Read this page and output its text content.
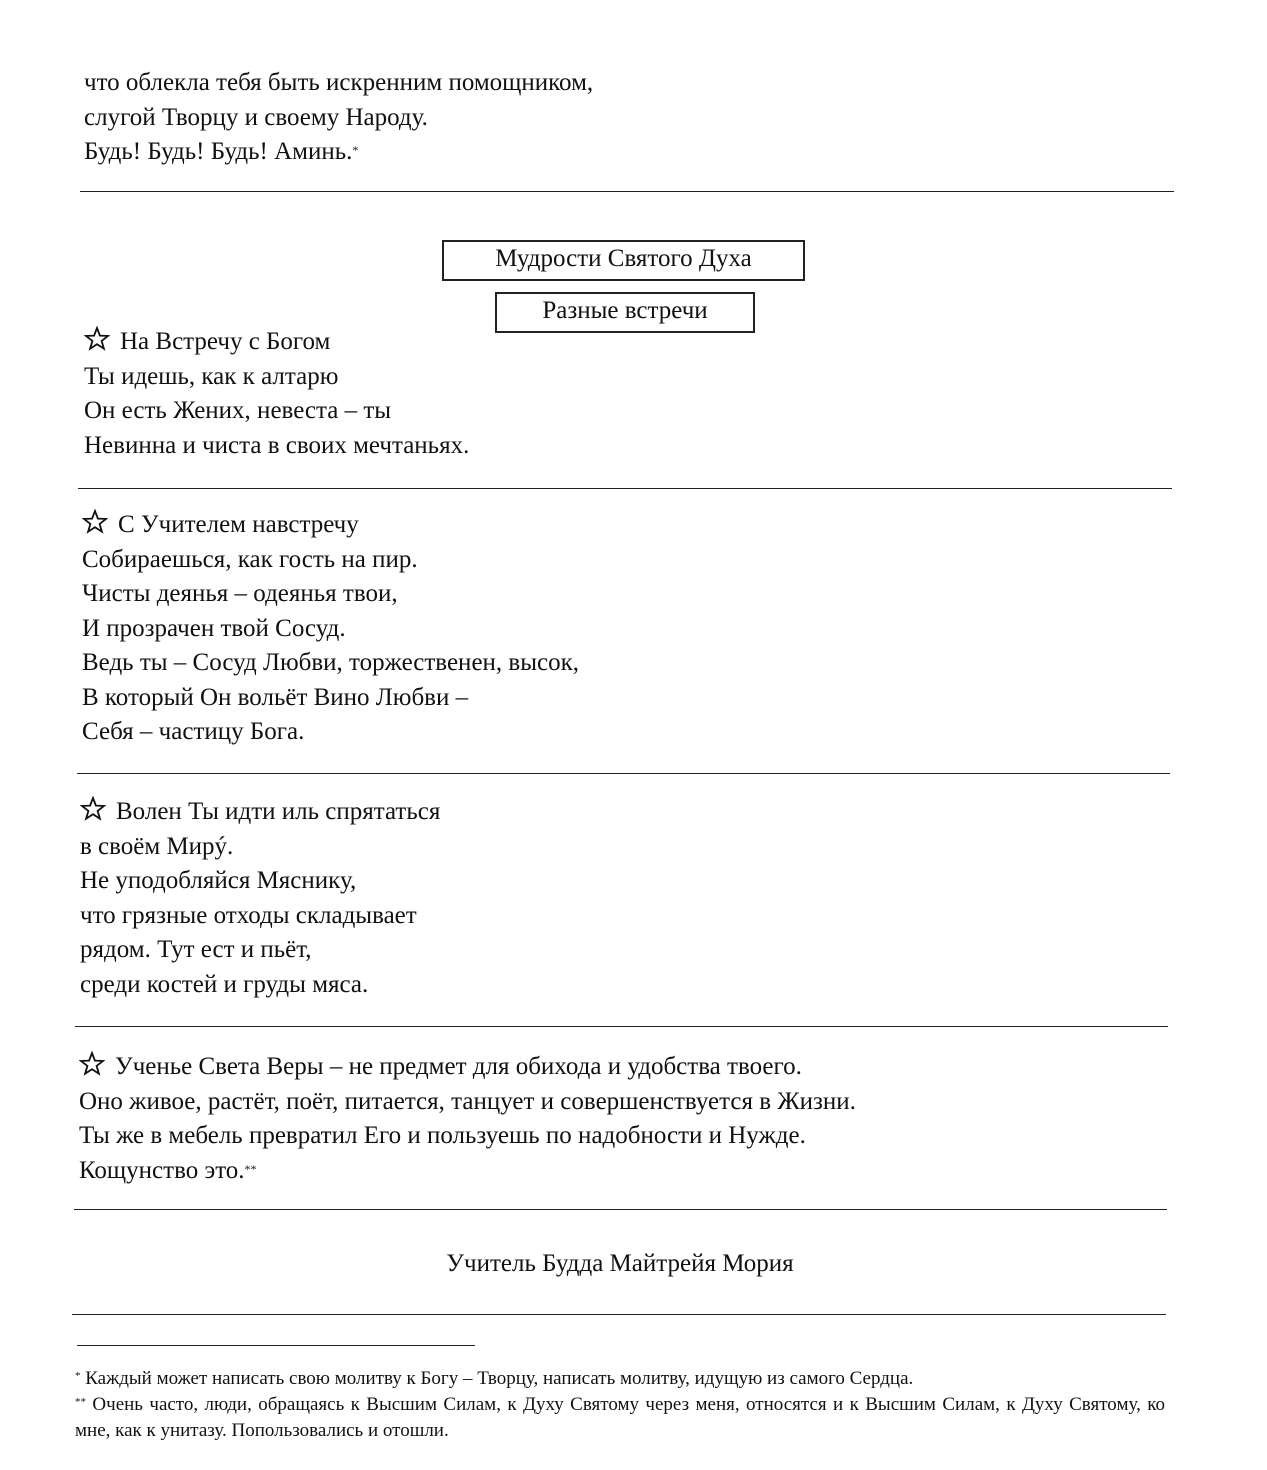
что облекла тебя быть искренним помощником,

слугой Творцу и своему Народу.

Будь! Будь! Будь! Аминь.*

Мудрости Святого Духа
Разные встречи

На Встречу с Богом

Ты идешь, как к алтарю

Он есть Жених, невеста – ты

Невинна и чиста в своих мечтаньях.

С Учителем навстречу

Собираешься, как гость на пир.

Чисты деянья – одеянья твои,

И прозрачен твой Сосуд.

Ведь ты – Сосуд Любви, торжественен, высок,

В который Он вольёт Вино Любви –

Себя – частицу Бога.

Волен Ты идти иль спрятаться

в своём Мирý.

Не уподобляйся Мяснику,

что грязные отходы складывает

рядом. Тут ест и пьёт,

среди костей и груды мяса.

Ученье Света Веры – не предмет для обихода и удобства твоего.

Оно живое, растёт, поёт, питается, танцует и совершенствуется в Жизни.

Ты же в мебель превратил Его и пользуешь по надобности и Нужде.

Кощунство это.**

Учитель Будда Майтрейя Мория

* Каждый может написать свою молитву к Богу – Творцу, написать молитву, идущую из самого Сердца.

** Очень часто, люди, обращаясь к Высшим Силам, к Духу Святому через меня, относятся и к Высшим Силам, к Духу Святому, ко мне, как к унитазу. Попользовались и отошли.
